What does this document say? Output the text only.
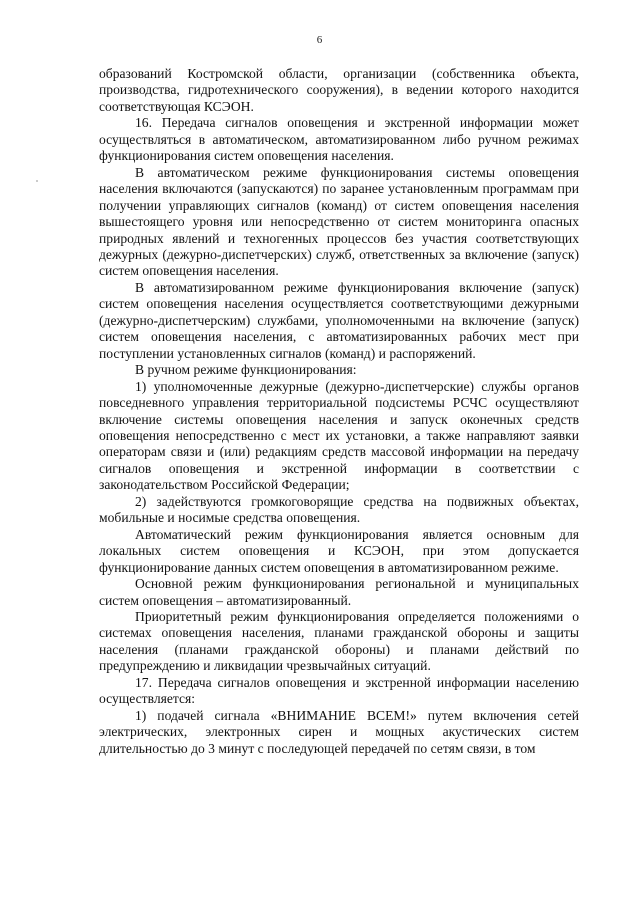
6

образований Костромской области, организации (собственника объекта, производства, гидротехнического сооружения), в ведении которого находится соответствующая КСЭОН.

16. Передача сигналов оповещения и экстренной информации может осуществляться в автоматическом, автоматизированном либо ручном режимах функционирования систем оповещения населения.

В автоматическом режиме функционирования системы оповещения населения включаются (запускаются) по заранее установленным программам при получении управляющих сигналов (команд) от систем оповещения населения вышестоящего уровня или непосредственно от систем мониторинга опасных природных явлений и техногенных процессов без участия соответствующих дежурных (дежурно-диспетчерских) служб, ответственных за включение (запуск) систем оповещения населения.

В автоматизированном режиме функционирования включение (запуск) систем оповещения населения осуществляется соответствующими дежурными (дежурно-диспетчерским) службами, уполномоченными на включение (запуск) систем оповещения населения, с автоматизированных рабочих мест при поступлении установленных сигналов (команд) и распоряжений.

В ручном режиме функционирования:

1) уполномоченные дежурные (дежурно-диспетчерские) службы органов повседневного управления территориальной подсистемы РСЧС осуществляют включение системы оповещения населения и запуск оконечных средств оповещения непосредственно с мест их установки, а также направляют заявки операторам связи и (или) редакциям средств массовой информации на передачу сигналов оповещения и экстренной информации в соответствии с законодательством Российской Федерации;

2) задействуются громкоговорящие средства на подвижных объектах, мобильные и носимые средства оповещения.

Автоматический режим функционирования является основным для локальных систем оповещения и КСЭОН, при этом допускается функционирование данных систем оповещения в автоматизированном режиме.

Основной режим функционирования региональной и муниципальных систем оповещения – автоматизированный.

Приоритетный режим функционирования определяется положениями о системах оповещения населения, планами гражданской обороны и защиты населения (планами гражданской обороны) и планами действий по предупреждению и ликвидации чрезвычайных ситуаций.

17. Передача сигналов оповещения и экстренной информации населению осуществляется:

1) подачей сигнала «ВНИМАНИЕ ВСЕМ!» путем включения сетей электрических, электронных сирен и мощных акустических систем длительностью до 3 минут с последующей передачей по сетям связи, в том
